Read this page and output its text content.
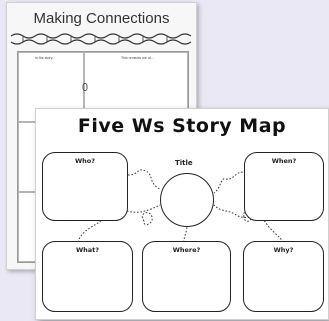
Making Connections
In the story...	This reminds me of...
Five Ws Story Map
Title
Who?	When?
What?	Where?	Why?
